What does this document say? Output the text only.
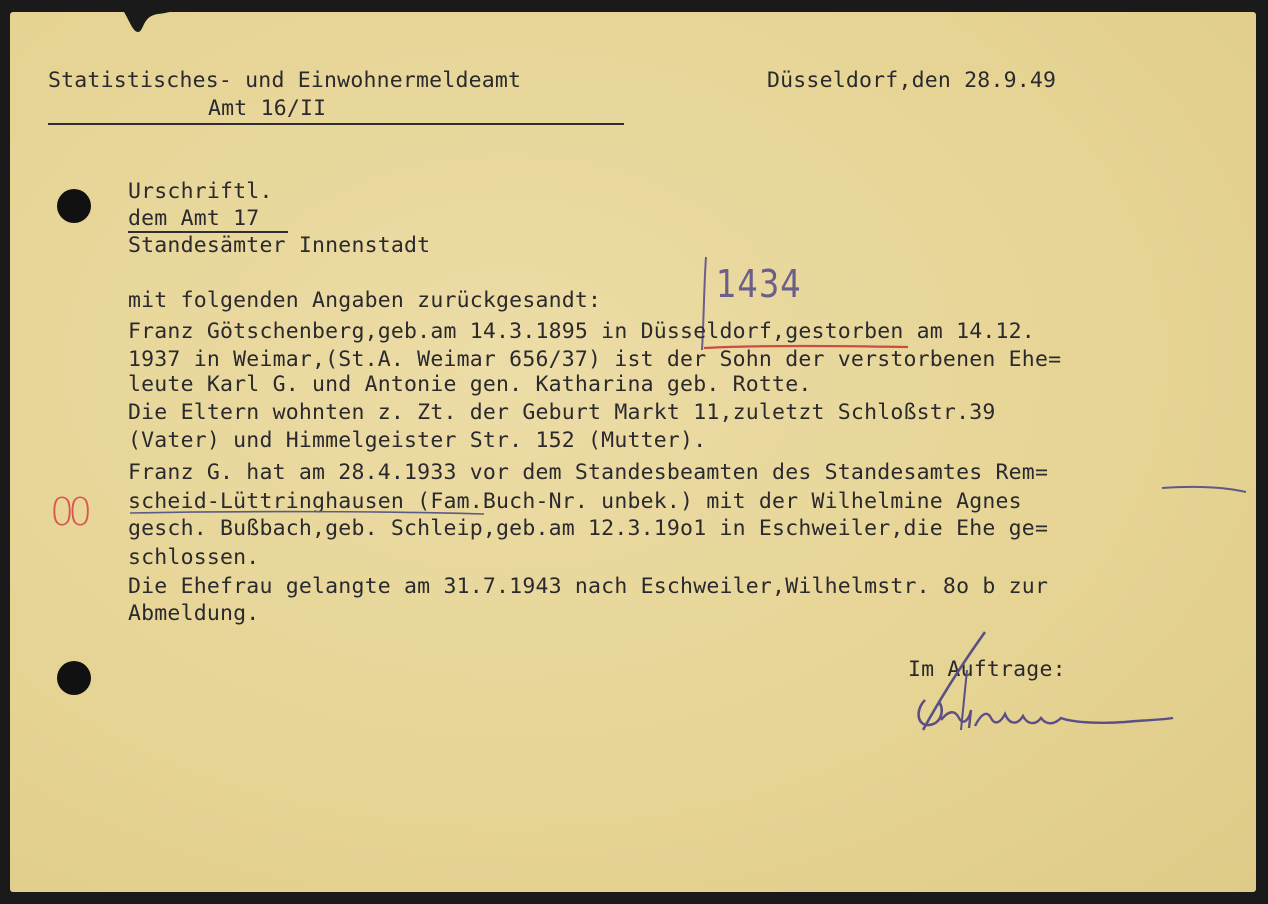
Statistisches- und Einwohnermeldeamt
Amt 16/II
Düsseldorf,den 28.9.49
Urschriftl.
dem Amt 17
Standesämter Innenstadt
1434
mit folgenden Angaben zurückgesandt:
Franz Götschenberg,geb.am 14.3.1895 in Düsseldorf,gestorben am 14.12.
1937 in Weimar,(St.A. Weimar 656/37) ist der Sohn der verstorbenen Ehe=
leute Karl G. und Antonie gen. Katharina geb. Rotte.
Die Eltern wohnten z. Zt. der Geburt Markt 11,zuletzt Schloßstr.39
(Vater) und Himmelgeister Str. 152 (Mutter).
Franz G. hat am 28.4.1933 vor dem Standesbeamten des Standesamtes Rem=
scheid-Lüttringhausen (Fam.Buch-Nr. unbek.) mit der Wilhelmine Agnes
gesch. Bußbach,geb. Schleip,geb.am 12.3.19o1 in Eschweiler,die Ehe ge=
schlossen.
Die Ehefrau gelangte am 31.7.1943 nach Eschweiler,Wilhelmstr. 8o b zur
Abmeldung.
00
Im Auftrage:
